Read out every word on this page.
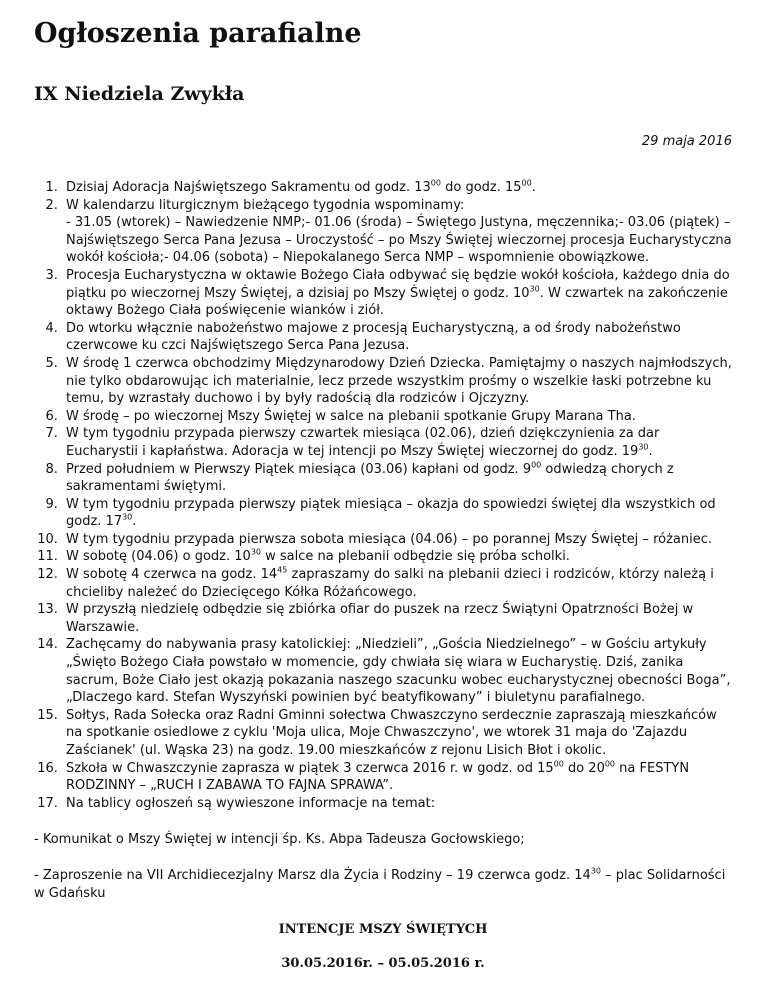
Ogłoszenia parafialne
IX Niedziela Zwykła
29 maja 2016
1. Dzisiaj Adoracja Najświętszego Sakramentu od godz. $13^{00}$ do godz. $15^{00}$.
2. W kalendarzu liturgicznym bieżącego tygodnia wspominamy:
- 31.05 (wtorek) – Nawiedzenie NMP;- 01.06 (środa) – Świętego Justyna, męczennika;- 03.06 (piątek) – Najświętszego Serca Pana Jezusa – Uroczystość – po Mszy Świętej wieczornej procesja Eucharystyczna wokół kościoła;- 04.06 (sobota) – Niepokalanego Serca NMP – wspomnienie obowiązkowe.
3. Procesja Eucharystyczna w oktawie Bożego Ciała odbywać się będzie wokół kościoła, każdego dnia do piątku po wieczornej Mszy Świętej, a dzisiaj po Mszy Świętej o godz. $10^{30}$. W czwartek na zakończenie oktawy Bożego Ciała poświęcenie wianków i ziół.
4. Do wtorku włącznie nabożeństwo majowe z procesją Eucharystyczną, a od środy nabożeństwo czerwcowe ku czci Najświętszego Serca Pana Jezusa.
5. W środę 1 czerwca obchodzimy Międzynarodowy Dzień Dziecka. Pamiętajmy o naszych najmłodszych, nie tylko obdarowując ich materialnie, lecz przede wszystkim prośmy o wszelkie łaski potrzebne ku temu, by wzrastały duchowo i by były radością dla rodziców i Ojczyzny.
6. W środę – po wieczornej Mszy Świętej w salce na plebanii spotkanie Grupy Marana Tha.
7. W tym tygodniu przypada pierwszy czwartek miesiąca (02.06), dzień dziękczynienia za dar Eucharystii i kapłaństwa. Adoracja w tej intencji po Mszy Świętej wieczornej do godz. $19^{30}$.
8. Przed południem w Pierwszy Piątek miesiąca (03.06) kapłani od godz. $9^{00}$ odwiedzą chorych z sakramentami świętymi.
9. W tym tygodniu przypada pierwszy piątek miesiąca – okazja do spowiedzi świętej dla wszystkich od godz. $17^{30}$.
10. W tym tygodniu przypada pierwsza sobota miesiąca (04.06) – po porannej Mszy Świętej – różaniec.
11. W sobotę (04.06) o godz. $10^{30}$ w salce na plebanii odbędzie się próba scholki.
12. W sobotę 4 czerwca na godz. $14^{45}$ zapraszamy do salki na plebanii dzieci i rodziców, którzy należą i chcieliby należeć do Dziecięcego Kółka Różańcowego.
13. W przyszłą niedzielę odbędzie się zbiórka ofiar do puszek na rzecz Świątyni Opatrzności Bożej w Warszawie.
14. Zachęcamy do nabywania prasy katolickiej: „Niedzieli”, „Gościa Niedzielnego” – w Gościu artykuły „Święto Bożego Ciała powstało w momencie, gdy chwiała się wiara w Eucharystię. Dziś, zanika sacrum, Boże Ciało jest okazją pokazania naszego szacunku wobec eucharystycznej obecności Boga”, „Dlaczego kard. Stefan Wyszyński powinien być beatyfikowany” i biuletynu parafialnego.
15. Sołtys, Rada Sołecka oraz Radni Gminni sołectwa Chwaszczyno serdecznie zapraszają mieszkańców na spotkanie osiedlowe z cyklu 'Moja ulica, Moje Chwaszczyno', we wtorek 31 maja do 'Zajazdu Zaścianek' (ul. Wąska 23) na godz. 19.00 mieszkańców z rejonu Lisich Błot i okolic.
16. Szkoła w Chwaszczynie zaprasza w piątek 3 czerwca 2016 r. w godz. od $15^{00}$ do $20^{00}$ na FESTYN RODZINNY – „RUCH I ZABAWA TO FAJNA SPRAWA”.
17. Na tablicy ogłoszeń są wywieszone informacje na temat:

- Komunikat o Mszy Świętej w intencji śp. Ks. Abpa Tadeusza Gocłowskiego;

- Zaproszenie na VII Archidiecezjalny Marsz dla Życia i Rodziny – 19 czerwca godz. $14^{30}$ – plac Solidarności w Gdańsku

INTENCJE MSZY ŚWIĘTYCH

30.05.2016r. – 05.05.2016 r.
